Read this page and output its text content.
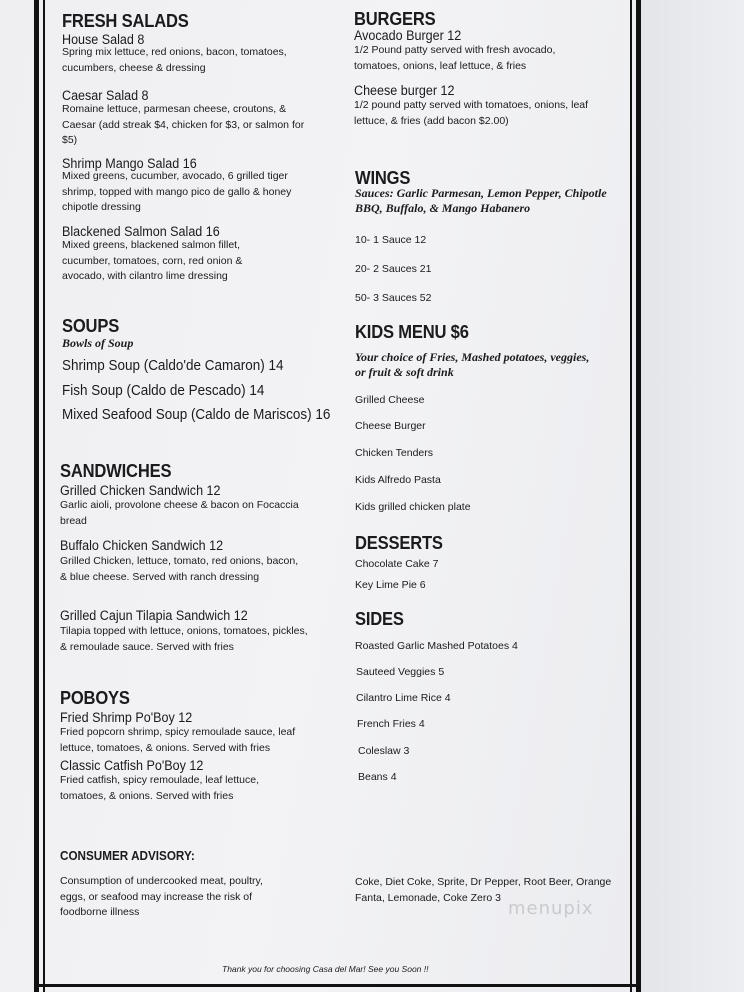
FRESH SALADS
House Salad 8
Spring mix lettuce, red onions, bacon, tomatoes, cucumbers, cheese & dressing
Caesar Salad 8
Romaine lettuce, parmesan cheese, croutons, & Caesar (add streak $4, chicken for $3, or salmon for $5)
Shrimp Mango Salad 16
Mixed greens, cucumber, avocado, 6 grilled tiger shrimp, topped with mango pico de gallo & honey chipotle dressing
Blackened Salmon Salad 16
Mixed greens, blackened salmon fillet, cucumber, tomatoes, corn, red onion & avocado, with cilantro lime dressing
SOUPS
Bowls of Soup
Shrimp Soup (Caldo'de Camaron) 14
Fish Soup (Caldo de Pescado) 14
Mixed Seafood Soup (Caldo de Mariscos) 16
SANDWICHES
Grilled Chicken Sandwich 12
Garlic aioli, provolone cheese & bacon on Focaccia bread
Buffalo Chicken Sandwich 12
Grilled Chicken, lettuce, tomato, red onions, bacon, & blue cheese. Served with ranch dressing
Grilled Cajun Tilapia Sandwich 12
Tilapia topped with lettuce, onions, tomatoes, pickles, & remoulade sauce. Served with fries
POBOYS
Fried Shrimp Po'Boy 12
Fried popcorn shrimp, spicy remoulade sauce, leaf lettuce, tomatoes, & onions. Served with fries
Classic Catfish Po'Boy 12
Fried catfish, spicy remoulade, leaf lettuce, tomatoes, & onions. Served with fries
CONSUMER ADVISORY:
Consumption of undercooked meat, poultry, eggs, or seafood may increase the risk of foodborne illness
BURGERS
Avocado Burger 12
1/2 Pound patty served with fresh avocado, tomatoes, onions, leaf lettuce, & fries
Cheese burger 12
1/2 pound patty served with tomatoes, onions, leaf lettuce, & fries (add bacon $2.00)
WINGS
Sauces: Garlic Parmesan, Lemon Pepper, Chipotle BBQ, Buffalo, & Mango Habanero
10- 1 Sauce 12
20- 2 Sauces 21
50- 3 Sauces 52
KIDS MENU $6
Your choice of Fries, Mashed potatoes, veggies, or fruit & soft drink
Grilled Cheese
Cheese Burger
Chicken Tenders
Kids Alfredo Pasta
Kids grilled chicken plate
DESSERTS
Chocolate Cake 7
Key Lime Pie 6
SIDES
Roasted Garlic Mashed Potatoes 4
Sauteed Veggies 5
Cilantro Lime Rice 4
French Fries 4
Coleslaw 3
Beans 4
Coke, Diet Coke, Sprite, Dr Pepper, Root Beer, Orange Fanta, Lemonade, Coke Zero 3
Thank you for choosing Casa del Mar! See you Soon !!
menupix
